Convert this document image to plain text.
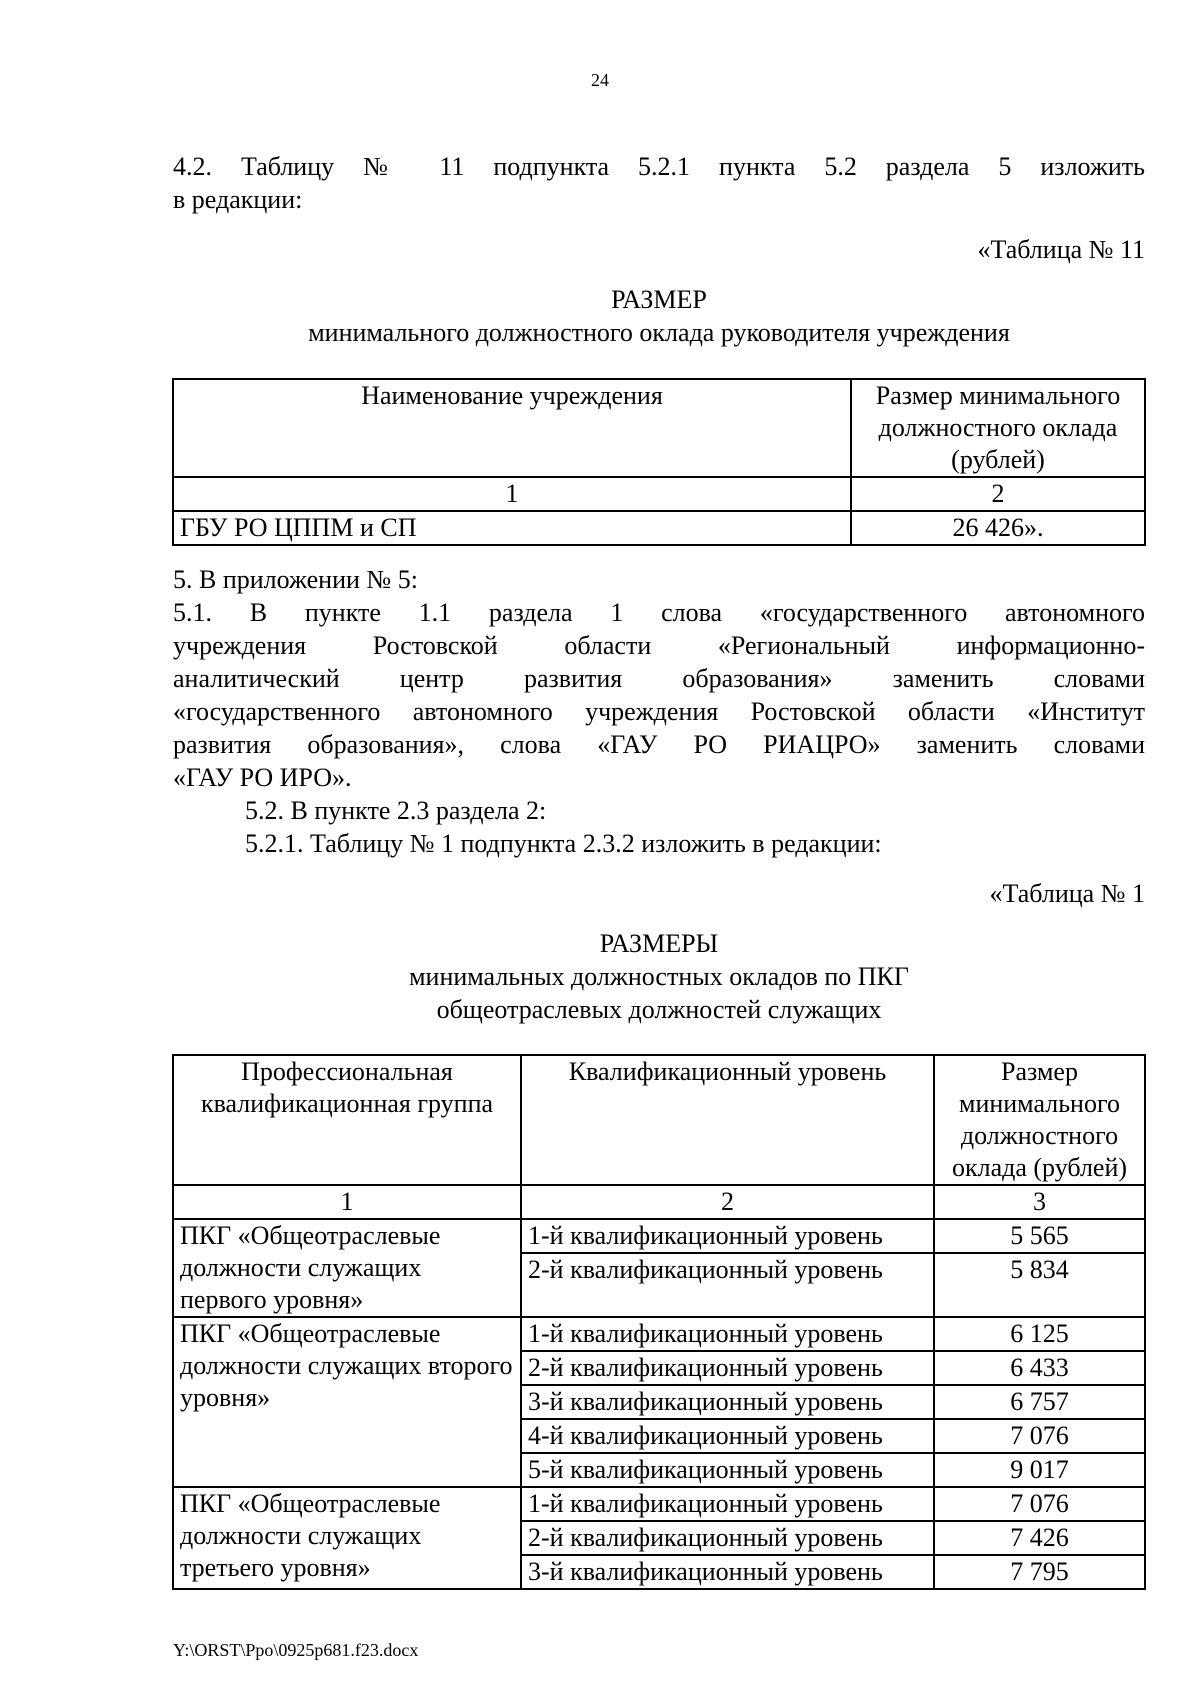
24
4.2. Таблицу № 11 подпункта 5.2.1 пункта 5.2 раздела 5 изложить
в редакции:
«Таблица № 11
РАЗМЕР
минимального должностного оклада руководителя учреждения
Наименование учреждения	Размер минимального должностного оклада (рублей)
1	2
ГБУ РО ЦППМ и СП	26 426».
5. В приложении № 5:
5.1. В пункте 1.1 раздела 1 слова «государственного автономного
учреждения Ростовской области «Региональный информационно-
аналитический центр развития образования» заменить словами
«государственного автономного учреждения Ростовской области «Институт
развития образования», слова «ГАУ РО РИАЦРО» заменить словами
«ГАУ РО ИРО».
5.2. В пункте 2.3 раздела 2:
5.2.1. Таблицу № 1 подпункта 2.3.2 изложить в редакции:
«Таблица № 1
РАЗМЕРЫ
минимальных должностных окладов по ПКГ
общеотраслевых должностей служащих
Профессиональная квалификационная группа	Квалификационный уровень	Размер минимального должностного оклада (рублей)
1	2	3
ПКГ «Общеотраслевые должности служащих первого уровня»	1-й квалификационный уровень	5 565
	2-й квалификационный уровень	5 834
ПКГ «Общеотраслевые должности служащих второго уровня»	1-й квалификационный уровень	6 125
	2-й квалификационный уровень	6 433
	3-й квалификационный уровень	6 757
	4-й квалификационный уровень	7 076
	5-й квалификационный уровень	9 017
ПКГ «Общеотраслевые должности служащих третьего уровня»	1-й квалификационный уровень	7 076
	2-й квалификационный уровень	7 426
	3-й квалификационный уровень	7 795
Y:\ORST\Ppo\0925p681.f23.docx
